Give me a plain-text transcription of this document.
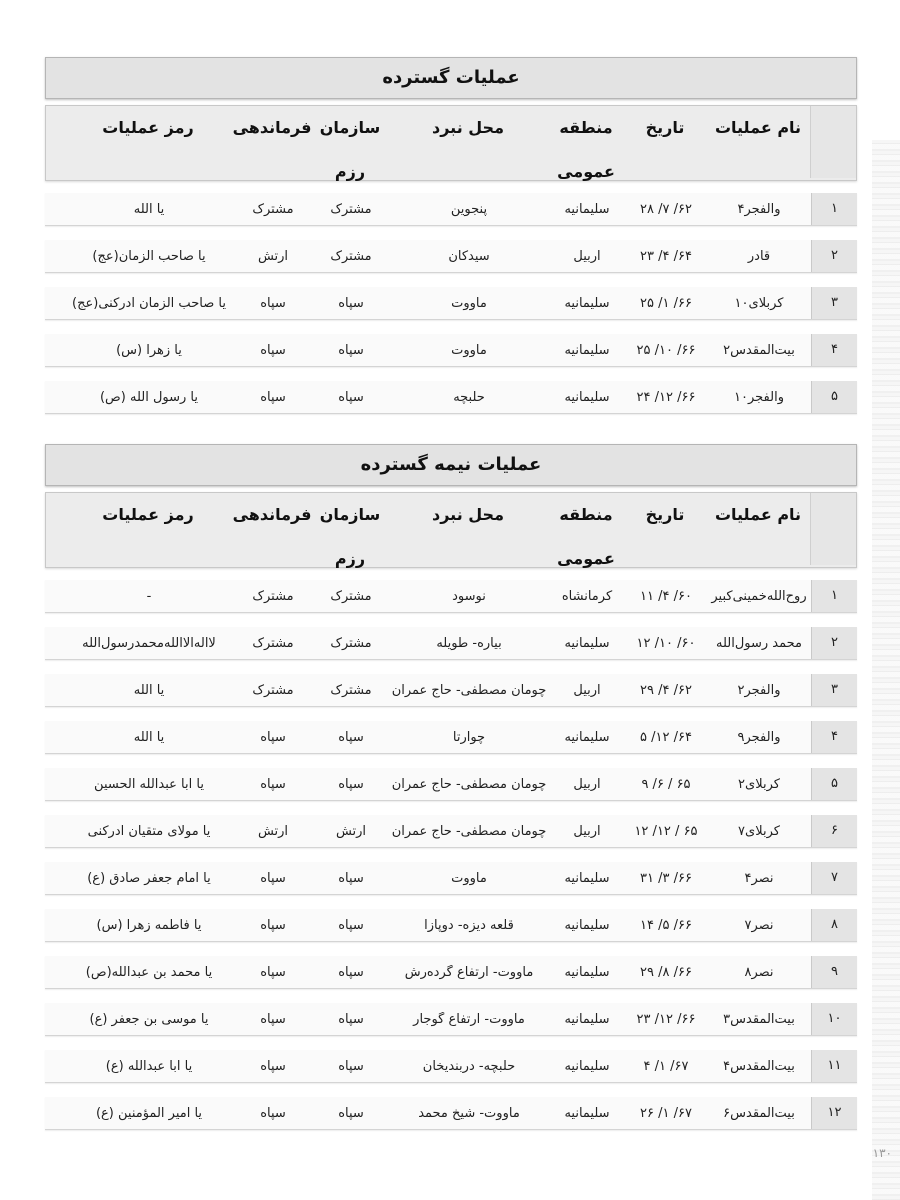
عملیات گسترده
نام عملیات
تاریخ
منطقه عمومی
محل نبرد
سازمان رزم
فرماندهی
رمز عملیات
۱
والفجر۴
۶۲/ ۷/ ۲۸
سلیمانیه
پنجوین
مشترک
مشترک
یا الله
۲
قادر
۶۴/ ۴/ ۲۳
اربیل
سیدکان
مشترک
ارتش
یا صاحب الزمان(عج)
۳
کربلای۱۰
۶۶/ ۱/ ۲۵
سلیمانیه
ماووت
سپاه
سپاه
یا صاحب الزمان ادرکنی(عج)
۴
بیت‌المقدس۲
۶۶/ ۱۰/ ۲۵
سلیمانیه
ماووت
سپاه
سپاه
یا زهرا (س)
۵
والفجر۱۰
۶۶/ ۱۲/ ۲۴
سلیمانیه
حلبچه
سپاه
سپاه
یا رسول الله (ص)
عملیات نیمه گسترده
نام عملیات
تاریخ
منطقه عمومی
محل نبرد
سازمان رزم
فرماندهی
رمز عملیات
۱
روح‌الله‌خمینی‌کبیر
۶۰/ ۴/ ۱۱
کرمانشاه
نوسود
مشترک
مشترک
-
۲
محمد رسول‌الله
۶۰/ ۱۰/ ۱۲
سلیمانیه
بیاره- طویله
مشترک
مشترک
لااله‌الاالله‌محمدرسول‌الله
۳
والفجر۲
۶۲/ ۴/ ۲۹
اربیل
چومان مصطفی- حاج عمران
مشترک
مشترک
یا الله
۴
والفجر۹
۶۴/ ۱۲/ ۵
سلیمانیه
چوارتا
سپاه
سپاه
یا الله
۵
کربلای۲
۶۵ / ۶/ ۹
اربیل
چومان مصطفی- حاج عمران
سپاه
سپاه
یا ابا عبدالله الحسین
۶
کربلای۷
۶۵ / ۱۲/ ۱۲
اربیل
چومان مصطفی- حاج عمران
ارتش
ارتش
یا مولای متقیان ادرکنی
۷
نصر۴
۶۶/ ۳/ ۳۱
سلیمانیه
ماووت
سپاه
سپاه
یا امام جعفر صادق (ع)
۸
نصر۷
۶۶/ ۵/ ۱۴
سلیمانیه
قلعه دیزه- دوپازا
سپاه
سپاه
یا فاطمه زهرا (س)
۹
نصر۸
۶۶/ ۸/ ۲۹
سلیمانیه
ماووت- ارتفاع گرده‌رش
سپاه
سپاه
یا محمد بن عبدالله(ص)
۱۰
بیت‌المقدس۳
۶۶/ ۱۲/ ۲۳
سلیمانیه
ماووت- ارتفاع گوجار
سپاه
سپاه
یا موسی بن جعفر (ع)
۱۱
بیت‌المقدس۴
۶۷/ ۱/ ۴
سلیمانیه
حلبچه- دربندیخان
سپاه
سپاه
یا ابا عبدالله (ع)
۱۲
بیت‌المقدس۶
۶۷/ ۱/ ۲۶
سلیمانیه
ماووت- شیخ محمد
سپاه
سپاه
یا امیر المؤمنین (ع)
۱۳۰
